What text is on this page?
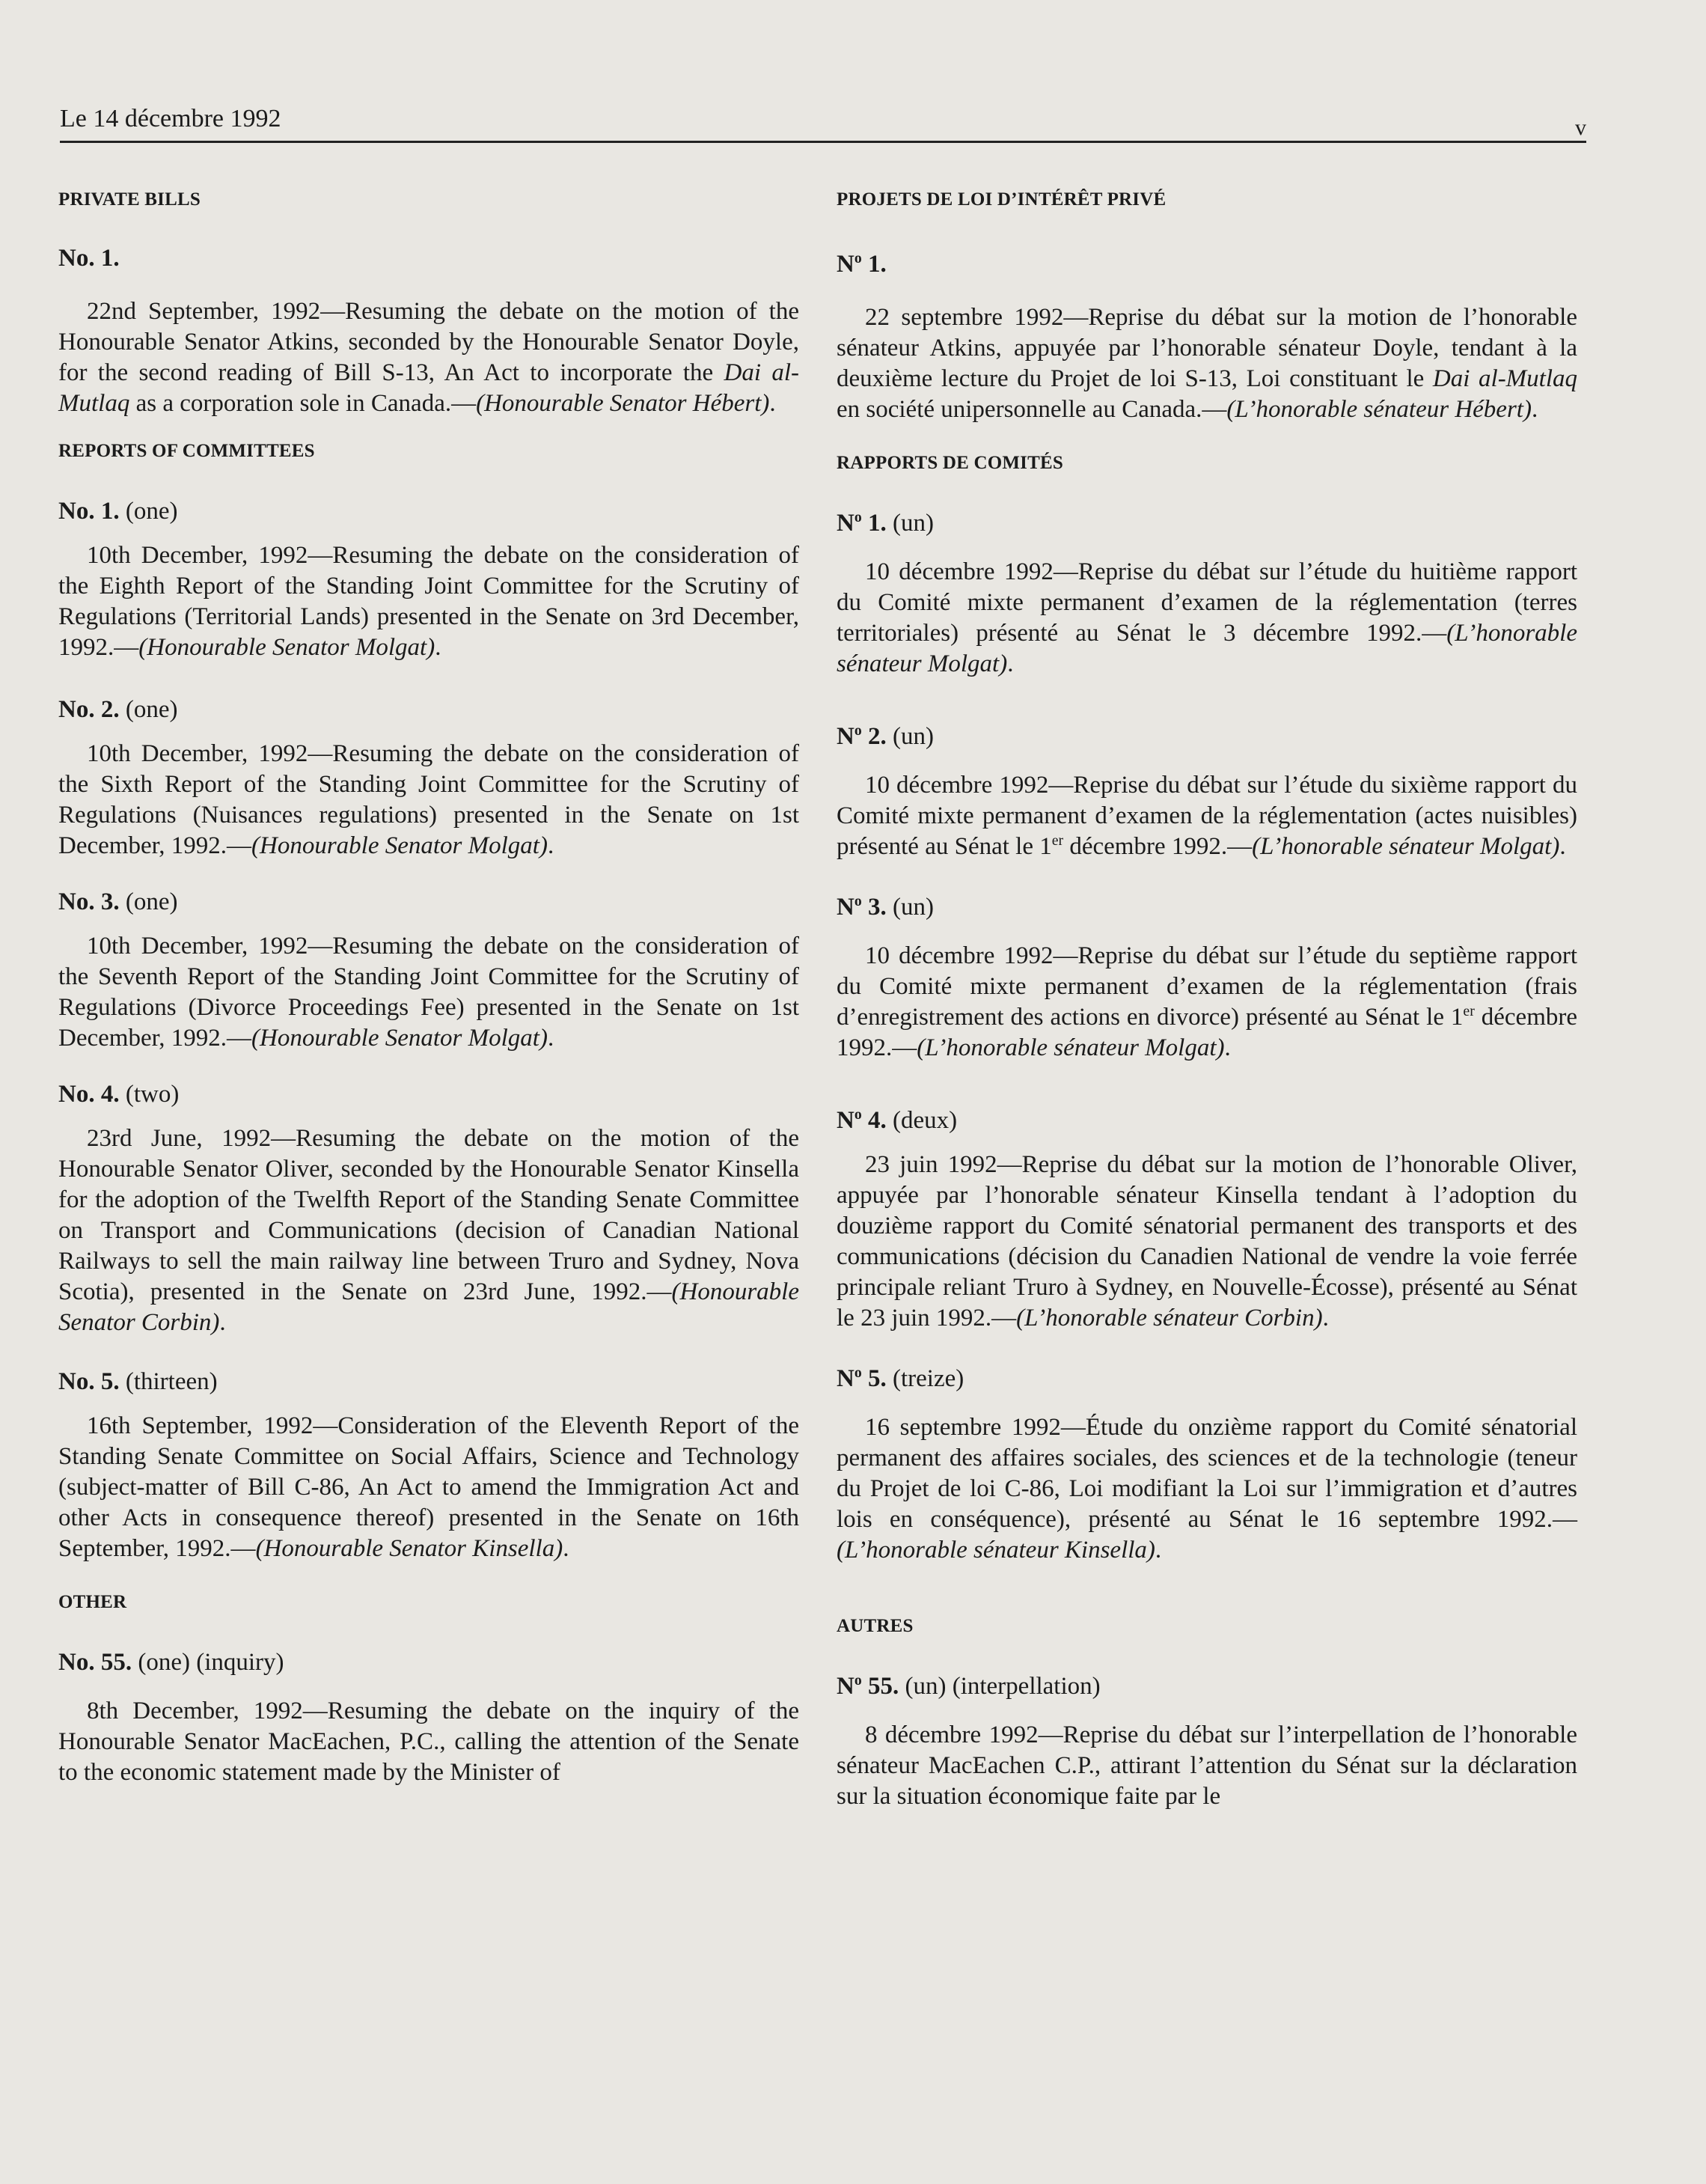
Le 14 décembre 1992	v

PRIVATE BILLS

No. 1.

22nd September, 1992—Resuming the debate on the motion of the Honourable Senator Atkins, seconded by the Honourable Senator Doyle, for the second reading of Bill S-13, An Act to incorporate the Dai al-Mutlaq as a corporation sole in Canada.—(Honourable Senator Hébert).

REPORTS OF COMMITTEES

No. 1. (one)

10th December, 1992—Resuming the debate on the consideration of the Eighth Report of the Standing Joint Committee for the Scrutiny of Regulations (Territorial Lands) presented in the Senate on 3rd December, 1992.—(Honourable Senator Molgat).

No. 2. (one)

10th December, 1992—Resuming the debate on the consideration of the Sixth Report of the Standing Joint Committee for the Scrutiny of Regulations (Nuisances regulations) presented in the Senate on 1st December, 1992.—(Honourable Senator Molgat).

No. 3. (one)

10th December, 1992—Resuming the debate on the consideration of the Seventh Report of the Standing Joint Committee for the Scrutiny of Regulations (Divorce Proceedings Fee) presented in the Senate on 1st December, 1992.—(Honourable Senator Molgat).

No. 4. (two)

23rd June, 1992—Resuming the debate on the motion of the Honourable Senator Oliver, seconded by the Honourable Senator Kinsella for the adoption of the Twelfth Report of the Standing Senate Committee on Transport and Communications (decision of Canadian National Railways to sell the main railway line between Truro and Sydney, Nova Scotia), presented in the Senate on 23rd June, 1992.—(Honourable Senator Corbin).

No. 5. (thirteen)

16th September, 1992—Consideration of the Eleventh Report of the Standing Senate Committee on Social Affairs, Science and Technology (subject-matter of Bill C-86, An Act to amend the Immigration Act and other Acts in consequence thereof) presented in the Senate on 16th September, 1992.—(Honourable Senator Kinsella).

OTHER

No. 55. (one) (inquiry)

8th December, 1992—Resuming the debate on the inquiry of the Honourable Senator MacEachen, P.C., calling the attention of the Senate to the economic statement made by the Minister of

PROJETS DE LOI D’INTÉRÊT PRIVÉ

$N^o$ 1.

22 septembre 1992—Reprise du débat sur la motion de l’honorable sénateur Atkins, appuyée par l’honorable sénateur Doyle, tendant à la deuxième lecture du Projet de loi S-13, Loi constituant le Dai al-Mutlaq en société unipersonnelle au Canada.—(L’honorable sénateur Hébert).

RAPPORTS DE COMITÉS

$N^o$ 1. (un)

10 décembre 1992—Reprise du débat sur l’étude du huitième rapport du Comité mixte permanent d’examen de la réglementation (terres territoriales) présenté au Sénat le 3 décembre 1992.—(L’honorable sénateur Molgat).

$N^o$ 2. (un)

10 décembre 1992—Reprise du débat sur l’étude du sixième rapport du Comité mixte permanent d’examen de la réglementation (actes nuisibles) présenté au Sénat le 1er décembre 1992.—(L’honorable sénateur Molgat).

$N^o$ 3. (un)

10 décembre 1992—Reprise du débat sur l’étude du septième rapport du Comité mixte permanent d’examen de la réglementation (frais d’enregistrement des actions en divorce) présenté au Sénat le 1er décembre 1992.—(L’honorable sénateur Molgat).

$N^o$ 4. (deux)

23 juin 1992—Reprise du débat sur la motion de l’honorable Oliver, appuyée par l’honorable sénateur Kinsella tendant à l’adoption du douzième rapport du Comité sénatorial permanent des transports et des communications (décision du Canadien National de vendre la voie ferrée principale reliant Truro à Sydney, en Nouvelle-Écosse), présenté au Sénat le 23 juin 1992.—(L’honorable sénateur Corbin).

$N^o$ 5. (treize)

16 septembre 1992—Étude du onzième rapport du Comité sénatorial permanent des affaires sociales, des sciences et de la technologie (teneur du Projet de loi C-86, Loi modifiant la Loi sur l’immigration et d’autres lois en conséquence), présenté au Sénat le 16 septembre 1992.—(L’honorable sénateur Kinsella).

AUTRES

$N^o$ 55. (un) (interpellation)

8 décembre 1992—Reprise du débat sur l’interpellation de l’honorable sénateur MacEachen C.P., attirant l’attention du Sénat sur la déclaration sur la situation économique faite par le
